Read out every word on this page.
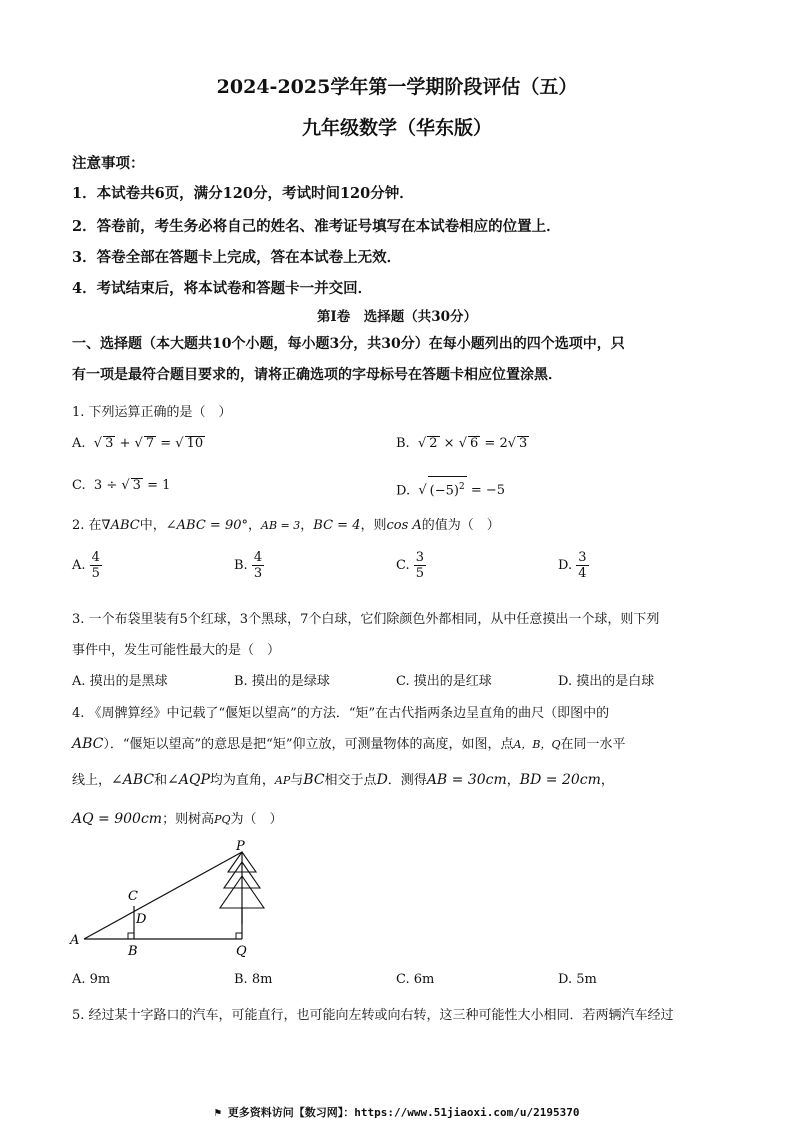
2024-2025学年第一学期阶段评估（五）
九年级数学（华东版）
注意事项：
1．本试卷共6页，满分120分，考试时间120分钟．
2．答卷前，考生务必将自己的姓名、准考证号填写在本试卷相应的位置上．
3．答卷全部在答题卡上完成，答在本试卷上无效．
4．考试结束后，将本试卷和答题卡一并交回．
第Ⅰ卷　选择题（共30分）
一、选择题（本大题共10个小题，每小题3分，共30分）在每小题列出的四个选项中，只
有一项是最符合题目要求的，请将正确选项的字母标号在答题卡相应位置涂黑．
1. 下列运算正确的是（　）
A.  √ 3 + √ 7 = √ 10	B.  √ 2 × √ 6 = 2√ 3
C. 3 ÷ √ 3 = 1	D.  √ $(-5)^2 = -5$
2. 在∇ABC中，∠ABC = 90°，AB = 3，BC = 4，则cos A的值为（　）
A. $\frac{4}{5}$	B. $\frac{4}{3}$	C. $\frac{3}{5}$	D. $\frac{3}{4}$
3. 一个布袋里装有5个红球，3个黑球，7个白球，它们除颜色外都相同，从中任意摸出一个球，则下列
事件中，发生可能性最大的是（　）
A. 摸出的是黑球	B. 摸出的是绿球	C. 摸出的是红球	D. 摸出的是白球
4. 《周髀算经》中记载了“偃矩以望高”的方法．“矩”在古代指两条边呈直角的曲尺（即图中的
ABC）．“偃矩以望高”的意思是把“矩”仰立放，可测量物体的高度，如图，点A，B，Q在同一水平
线上，∠ABC和∠AQP均为直角，AP与BC相交于点D．测得AB = 30cm，BD = 20cm，
AQ = 900cm；则树高PQ为（　）
P
C
D
A
B	Q
A. 9m	B. 8m	C. 6m	D. 5m
5. 经过某十字路口的汽车，可能直行，也可能向左转或向右转，这三种可能性大小相同．若两辆汽车经过
⚑ 更多资料访问【数习网】：https://www.51jiaoxi.com/u/2195370
